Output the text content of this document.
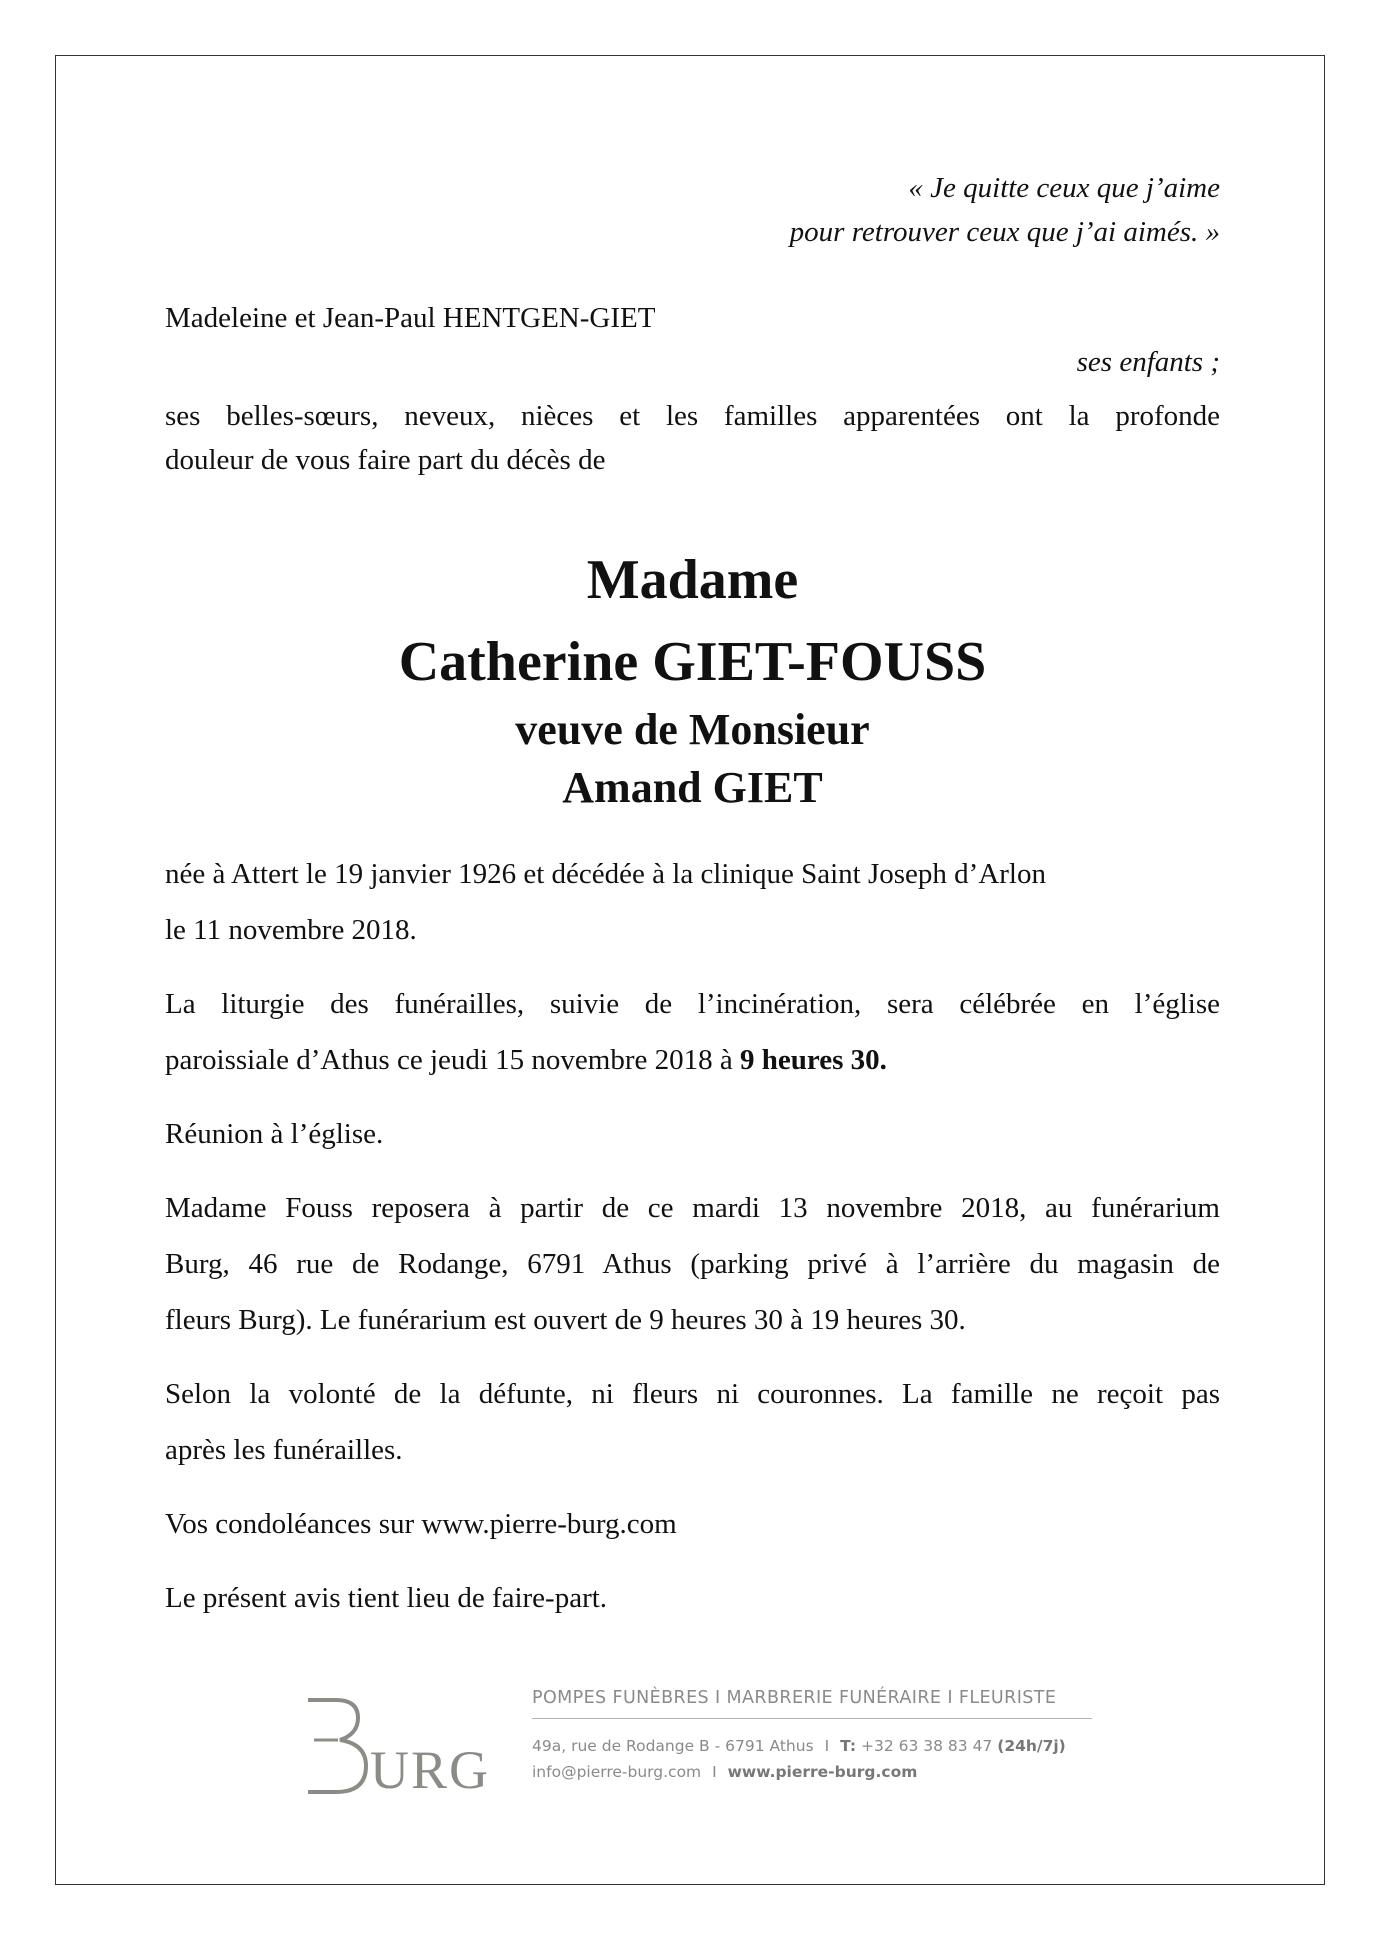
« Je quitte ceux que j’aime

pour retrouver ceux que j’ai aimés. »

Madeleine et Jean-Paul HENTGEN-GIET

ses enfants ;

ses belles-sœurs, neveux, nièces et les familles apparentées ont la profonde

douleur de vous faire part du décès de

Madame
Catherine GIET-FOUSS
veuve de Monsieur
Amand GIET

née à Attert le 19 janvier 1926 et décédée à la clinique Saint Joseph d’Arlon

le 11 novembre 2018.

La liturgie des funérailles, suivie de l’incinération, sera célébrée en l’église

paroissiale d’Athus ce jeudi 15 novembre 2018 à 9 heures 30.

Réunion à l’église.

Madame Fouss reposera à partir de ce mardi 13 novembre 2018, au funérarium

Burg, 46 rue de Rodange, 6791 Athus (parking privé à l’arrière du magasin de

fleurs Burg). Le funérarium est ouvert de 9 heures 30 à 19 heures 30.

Selon la volonté de la défunte, ni fleurs ni couronnes. La famille ne reçoit pas

après les funérailles.

Vos condoléances sur www.pierre-burg.com

Le présent avis tient lieu de faire-part.

URG
POMPES FUNÈBRES I MARBRERIE FUNÉRAIRE I FLEURISTE
49a, rue de Rodange B - 6791 Athus I T: +32 63 38 83 47 (24h/7j)
info@pierre-burg.com I www.pierre-burg.com
